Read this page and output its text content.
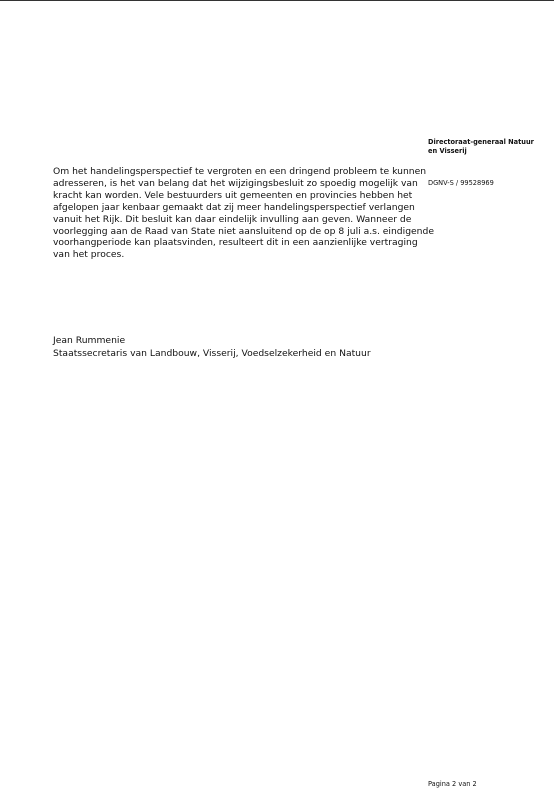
Directoraat-generaal Natuur
en Visserij
DGNV-S / 99528969
Om het handelingsperspectief te vergroten en een dringend probleem te kunnen
adresseren, is het van belang dat het wijzigingsbesluit zo spoedig mogelijk van
kracht kan worden. Vele bestuurders uit gemeenten en provincies hebben het
afgelopen jaar kenbaar gemaakt dat zij meer handelingsperspectief verlangen
vanuit het Rijk. Dit besluit kan daar eindelijk invulling aan geven. Wanneer de
voorlegging aan de Raad van State niet aansluitend op de op 8 juli a.s. eindigende
voorhangperiode kan plaatsvinden, resulteert dit in een aanzienlijke vertraging
van het proces.
Jean Rummenie
Staatssecretaris van Landbouw, Visserij, Voedselzekerheid en Natuur
Pagina 2 van 2
